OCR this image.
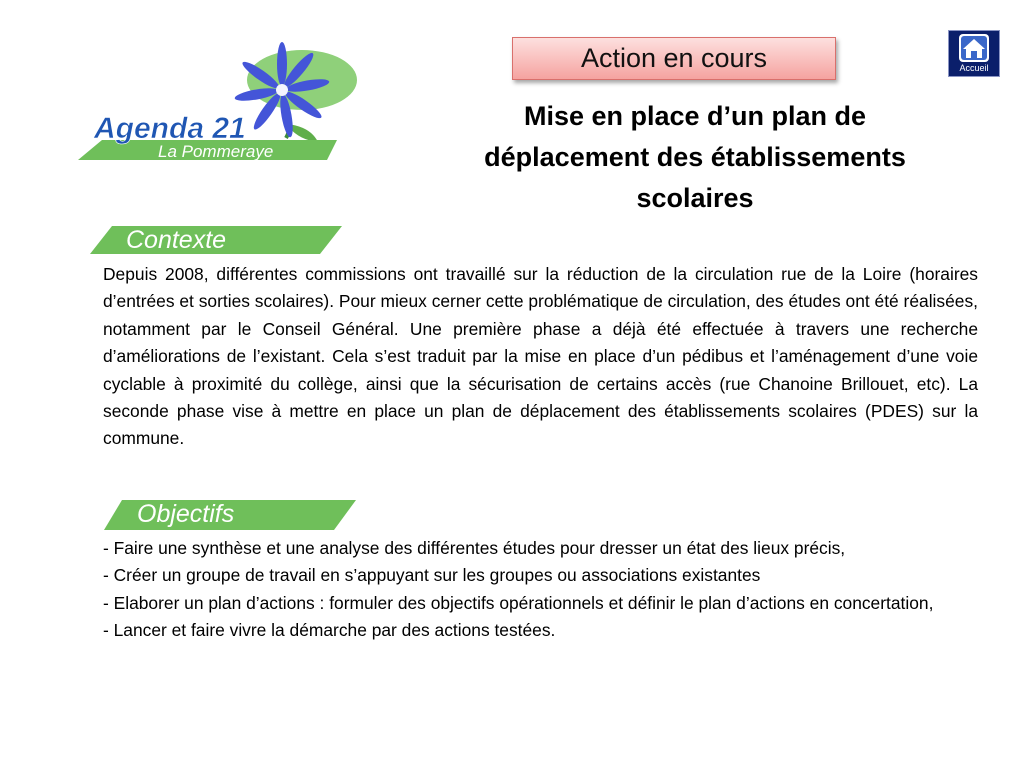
Agenda 21
La Pommeraye
Action en cours	Accueil
Mise en place d’un plan de déplacement des établissements scolaires
Contexte

Depuis 2008, différentes commissions ont travaillé sur la réduction de la circulation rue de la Loire (horaires d’entrées et sorties scolaires). Pour mieux cerner cette problématique de circulation, des études ont été réalisées, notamment par le Conseil Général. Une première phase a déjà été effectuée à travers une recherche d’améliorations de l’existant. Cela s’est traduit par la mise en place d’un pédibus et l’aménagement d’une voie cyclable à proximité du collège, ainsi que la sécurisation de certains accès (rue Chanoine Brillouet, etc). La seconde phase vise à mettre en place un plan de déplacement des établissements scolaires (PDES) sur la commune.

Objectifs
- Faire une synthèse et une analyse des différentes études pour dresser un état des lieux précis,
- Créer un groupe de travail en s’appuyant sur les groupes ou associations existantes
- Elaborer un plan d’actions : formuler des objectifs opérationnels et définir le plan d’actions en concertation,
- Lancer et faire vivre la démarche par des actions testées.
